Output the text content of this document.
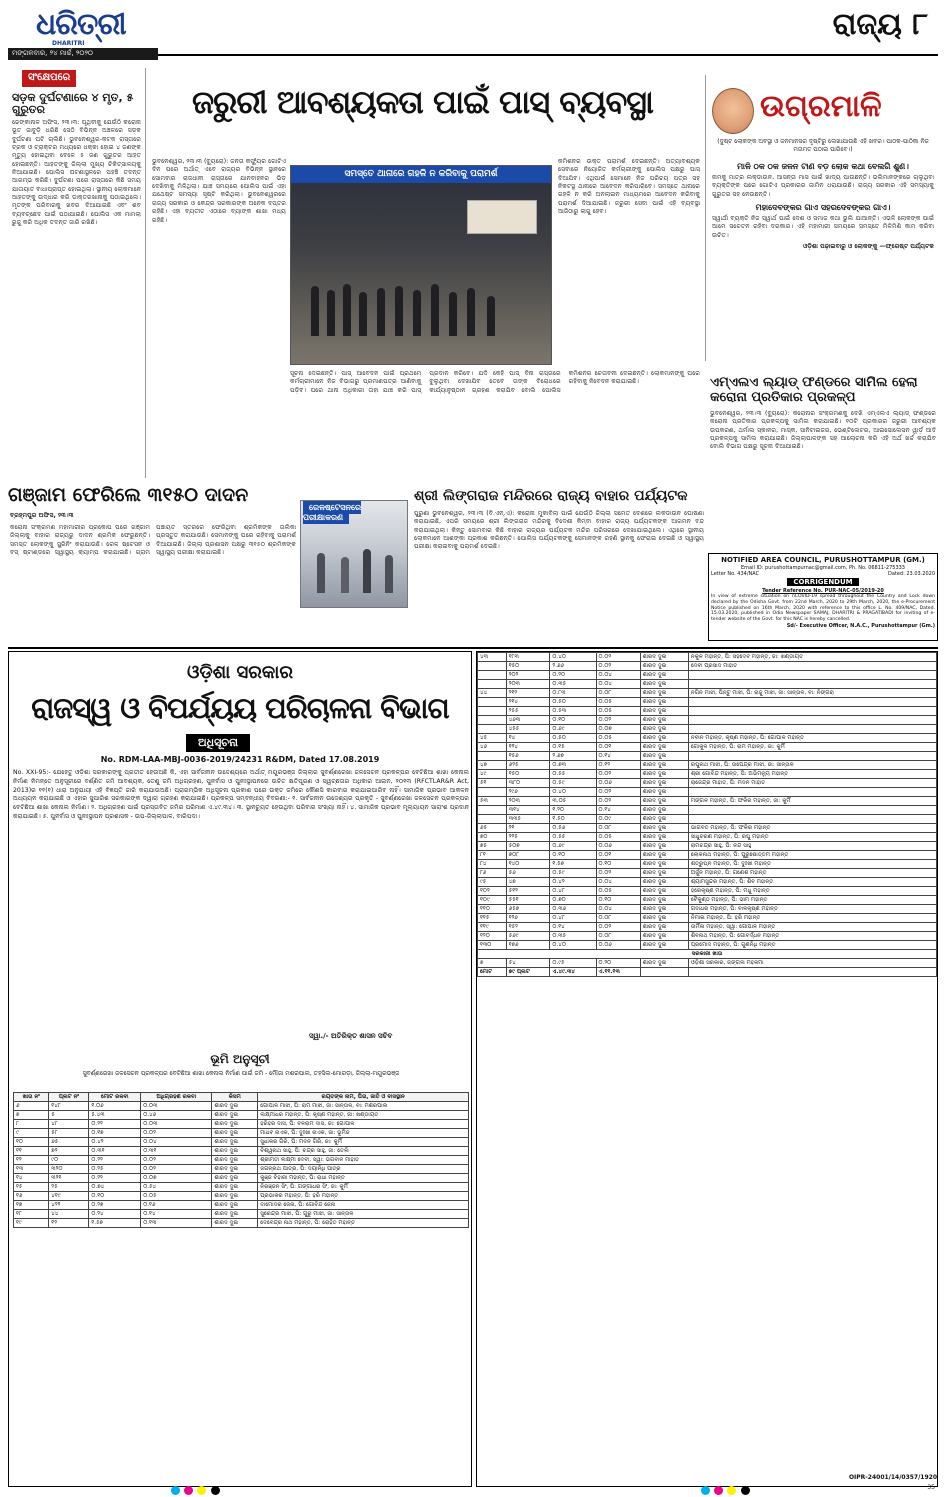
ଧରିତ୍ରୀ
DHARITRI
ମଙ୍ଗଳବାର, ୨୪ ମାର୍ଚ୍ଚ, ୨୦୨୦
ରାଜ୍ୟ ୮
ସଂକ୍ଷେପରେ
ସଡ଼କ ଦୁର୍ଘଟଣାରେ ୪ ମୃତ, ୫ ଗୁରୁତର
ଢେଙ୍କାନାଳ ଅଫିସ, ୨୩।୩: ପୃଥିବୀକୁ ଯେଉଁଠି କରୋନା ଭୂତ ଜାବୁଡ଼ି ଧରିଛି ସେଠି ବିଭିନ୍ନ ଅଞ୍ଚଳରେ ସଡ଼କ ଦୁର୍ଘଟଣା ଘଟି ଚାଲିଛି। ଭୁବନେଶ୍ୱର-କଟକ ରାସ୍ତାରେ ଟ୍ରକ ଓ ଟ୍ରାକ୍ଟର ମଧ୍ୟରେ ଧକ୍କା ହୋଇ ୪ ଜଣଙ୍କ ମୃତ୍ୟୁ ହୋଇଥିବା ବେଳେ ୫ ଜଣ ଗୁରୁତର ଆହତ ହୋଇଛନ୍ତି। ଆହତଙ୍କୁ ଜିଲ୍ଲା ମୁଖ୍ୟ ଚିକିତ୍ସାଳୟକୁ ନିଆଯାଇଛି। ପୋଲିସ ଘଟଣାସ୍ଥଳରେ ପହଞ୍ଚି ତଦନ୍ତ ଆରମ୍ଭ କରିଛି। ଦୁର୍ଘଟଣା ପରେ ରାସ୍ତାରେ କିଛି ସମୟ ଯାତାୟାତ ବାଧାପ୍ରାପ୍ତ ହୋଇଥିଲା। ସ୍ଥାନୀୟ ଲୋକମାନେ ଆହତଙ୍କୁ ଉଦ୍ଧାର କରି ଡାକ୍ତରଖାନାକୁ ପଠାଇଥିଲେ। ମୃତଙ୍କ ପରିବାରକୁ ଖବର ଦିଆଯାଇଛି ଏବଂ ଶବ ବ୍ୟବଚ୍ଛେଦ ପାଇଁ ପଠାଯାଇଛି। ପୋଲିସ ଏକ ମାମଲା ରୁଜୁ କରି ଅଧିକ ତଦନ୍ତ ଜାରି ରଖିଛି।
ଜରୁରୀ ଆବଶ୍ୟକତା ପାଇଁ ପାସ୍ ବ୍ୟବସ୍ଥା
ଭୁବନେଶ୍ୱର, ୨୩।୩ (ବ୍ୟୁରୋ): ଜନତା କର୍ଫ୍ୟୁର ଗୋଟିଏ ଦିନ ପରେ ଅର୍ଥାତ୍ ଏବେ ରାଜ୍ୟର ବିଭିନ୍ନ ସ୍ଥାନରେ ସୋମବାର ରାଜଧାନୀ ରାସ୍ତାରେ ଯାନବାହନର ଭିଡ଼ ଦେଖିବାକୁ ମିଳିଥିଲା। ଯାଞ୍ଚ ସମୟରେ ପୋଲିସ ପାଇଁ ଏହା ଯଥେଷ୍ଟ ସମସ୍ୟା ସୃଷ୍ଟି କରିଥିଲା। ଭୁବନେଶ୍ୱରରେ ରାଜ୍ୟ ସରକାର ଓ କେନ୍ଦ୍ର ସରକାରଙ୍କ ଅନେକ ଦପ୍ତର ରହିଛି। ଏହା ବ୍ୟତୀତ ଏଠାରେ ବ୍ୟାଙ୍କ ଶାଖା ମଧ୍ୟ ରହିଛି।
ସମସ୍ତେ ଥାନାରେ ଗହଳି ନ କରିବାକୁ ପରାମର୍ଶ
କମିଶନର ଉକ୍ତ ପରାମର୍ଶ ଦେଇଛନ୍ତି। ଅତ୍ୟାବଶ୍ୟକ ସେବାରେ ନିୟୋଜିତ କର୍ମଚାରୀଙ୍କୁ ପୋଲିସ ପକ୍ଷରୁ ପାସ୍ ଦିଆଯିବ। ଏଥିପାଇଁ ସେମାନେ ନିଜ ପରିଚୟ ପତ୍ର ସହ ନିକଟସ୍ଥ ଥାନାରେ ଆବେଦନ କରିପାରିବେ। ସମସ୍ତେ ଥାନାରେ ଗହଳି ନ କରି ଅନଲାଇନ ମାଧ୍ୟମରେ ଆବେଦନ କରିବାକୁ ପରାମର୍ଶ ଦିଆଯାଇଛି। ଜରୁରୀ ସେବା ପାଇଁ ଏହି ବ୍ୟବସ୍ଥା ଆଜିଠାରୁ ଲାଗୁ ହେବ।
ସୂଚନା ଦେଇଛନ୍ତି। ପାସ୍ ଆବେଦନ ପାଇଁ ପ୍ରଥମେ କର୍ମଚାରୀମାନେ ନିଜ ବିଭାଗରୁ ପ୍ରମାଣପତ୍ର ଆଣିବାକୁ ପଡ଼ିବ। ପରେ ଥାନା ଅଧିକାରୀ ତାହା ଯାଞ୍ଚ କରି ପାସ୍ ପ୍ରଦାନ କରିବେ। ଯଦି କେହି ପାସ୍ ବିନା ରାସ୍ତାରେ ବୁଲୁଥିବା ଦେଖାଯିବ ତେବେ ତାଙ୍କ ବିରୋଧରେ କାର୍ଯ୍ୟାନୁଷ୍ଠାନ ଗ୍ରହଣ କରାଯିବ ବୋଲି ପୋଲିସ କମିଶନର ଚେତାବନୀ ଦେଇଛନ୍ତି। ଲୋକମାନଙ୍କୁ ଘରେ ରହିବାକୁ ନିବେଦନ କରାଯାଇଛି।
ଉଗ୍ରମାଳି
(ଦୁଷ୍ଟ ଲୋକଙ୍କ ଅବସ୍ଥା ଓ ଜନମାନସର ଦୃଷ୍ଟିରୁ ଲେଖାଯାଉଛି ଏହି ଖବର। ପାଠକ-ପାଠିକା ନିଜ ମତାମତ ପଠାଇ ପାରିବେ।)
ମାଳି ଠକ ଠକ ଜଳନ ଟାଣ ବଡ଼ ଲୋକ କଥା ବେଲଗି ଶୁଣ।
ନାମକୁ ମାତ୍ର ଲକ୍ଡାଉନ, ଆସନ୍ତା ମାସ ପାଇଁ ଖାଦ୍ୟ ପାଉଛନ୍ତି। ଭଲିମାନଙ୍କରେ ଚାଲୁଥିବା ବ୍ୟକ୍ତିଙ୍କ ପରେ ଗୋଟିଏ ପ୍ରକାରର ଜାମିନ ଧରାଯାଉଛି। ରାଜ୍ୟ ସରକାର ଏହି ସମସ୍ୟାକୁ ଗୁରୁତର ସହ ନେଉଛନ୍ତି।
ମହାଦେବଙ୍କର ଗାଏ ସହରଦେବଙ୍କର ଗାଏ।
ସ୍ୱାର୍ଥୀ ବ୍ୟକ୍ତି ନିଜ ସ୍ୱାର୍ଥ ପାଇଁ ଦେଶ ଓ ସମାଜ କଥା ଭୁଲି ଯାଆନ୍ତି। ଏଭଳି ଲୋକଙ୍କ ପାଇଁ ଆମେ ସଚେତନ ରହିବା ଦରକାର। ଏହି ମହାମାରୀ ସମୟରେ ସମସ୍ତେ ମିଳିମିଶି କାମ କରିବା ଉଚିତ।
ଓଡ଼ିଶା ପଢ଼ାଇବାରୁ ଓ ଲୋକଙ୍କୁ —ଫ୍ରେଷ୍ଟ ପର୍ଯ୍ୟଟକ
ଏମ୍ଏଲଏ ଲ୍ୟାଡ୍ ଫଣ୍ଡରେ ସାମିଲ ହେଲା କରୋନା ପ୍ରତିକାର ପ୍ରକଳ୍ପ
ଭୁବନେଶ୍ୱର, ୨୩।୩ (ବ୍ୟୁରୋ): କରୋନାର ସଂକ୍ରମଣକୁ ଦେଖି ଏମ୍ଏଲଏ ଲ୍ୟାଡ୍ ଫଣ୍ଡରେ କରୋନା ପ୍ରତିକାର ପ୍ରକଳ୍ପକୁ ସାମିଲ କରାଯାଇଛି। ୧୦ଟି ପ୍ରକାରର ଜରୁରୀ ଆବଶ୍ୟକ ଉପକରଣ, ଥର୍ମାଲ ସ୍କାନର, ମାସ୍କ, ସାନିଟାଇଜର, ଭେଣ୍ଟିଲେଟର, ଆଇସୋଲେସନ ୱାର୍ଡ଼ ଆଦି ପ୍ରକଳ୍ପକୁ ସାମିଲ କରାଯାଇଛି। ଜିଲ୍ଲାପାଳଙ୍କ ସହ ଆଲୋଚନା କରି ଏହି ଅର୍ଥ ଖର୍ଚ୍ଚ କରାଯିବ ବୋଲି ବିଭାଗ ପକ୍ଷରୁ ସୂଚନା ଦିଆଯାଇଛି।
NOTIFIED AREA COUNCIL, PURUSHOTTAMPUR (GM.)
Email ID: purushottampurnac@gmail.com, Ph. No. 06811-275333
Letter No. 434/NAC	Dated: 23.03.2020
CORRIGENDUM
Tender Reference No. PUR-NAC-05/2019-20
In view of extreme situation on nCOVID-19 spread throughout the Country and Lock down declared by the Odisha Govt. from 22nd March, 2020 to 29th March, 2020, the e-Procurement Notice published on 16th March, 2020 with reference to this office L. No. 409/NAC, Dated. 15.03.2020, published in Odia Newspaper SAMAJ, DHARITRI & PRAGATIBADI for inviting of e-tender website of the Govt. for this NAC is hereby cancelled.
Sd/- Executive Officer, N.A.C., Purushottampur (Gm.)
ଗଞ୍ଜାମ ଫେରିଲେ ୩୧୫୦ ଦାଦନ
ବ୍ରହ୍ମପୁର ଅଫିସ, ୨୩।୩
କରୋନା ସଂକ୍ରମଣ ମହାମାରୀର ପ୍ରକୋପ ପରେ ଗଞ୍ଜାମ ଜିଲ୍ଲାକୁ ବାହାର ରାଜ୍ୟରୁ ଦାଦନ ଶ୍ରମିକ ଫେରୁଛନ୍ତି। ସମସ୍ତ ଲୋକଙ୍କୁ ସ୍କ୍ରିନିଂ କରାଯାଉଛି। ରେଳ ଷ୍ଟେସନ ଓ ବସ୍ ଷ୍ଟାଣ୍ଡରେ ସ୍ୱାସ୍ଥ୍ୟ କ୍ୟାମ୍ପ କରାଯାଇଛି। ଗ୍ରାମ ପଞ୍ଚାୟତ ସ୍ତରରେ ଫେରିଥିବା ଶ୍ରମିକଙ୍କ ତାଲିକା ପ୍ରସ୍ତୁତ କରାଯାଉଛି। ସେମାନଙ୍କୁ ଘରେ ରହିବାକୁ ପରାମର୍ଶ ଦିଆଯାଇଛି। ଜିଲ୍ଲା ପ୍ରଶାସନ ପକ୍ଷରୁ ୩୧୫୦ ଶ୍ରମିକଙ୍କ ସ୍ୱାସ୍ଥ୍ୟ ପରୀକ୍ଷା କରାଯାଇଛି।
ରେଳଷ୍ଟେସନରେ ପରୀକ୍ଷାକରଣ
ଶ୍ରୀ ଲିଙ୍ଗରାଜ ମନ୍ଦିରରେ ରାଜ୍ୟ ବାହାର ପର୍ଯ୍ୟଟକ
ପୁରୁଣା ଭୁବନେଶ୍ୱର, ୨୩।୩ (ବି.ଏନ୍.ଏ): କରୋନା ମୁକାବିଲା ପାଇଁ ଯେଉଁଠି ଜିଲ୍ଲା ସମେତ ଦେଶରେ ଲକଡାଉନ ଘୋଷଣା କରାଯାଇଛି, ଏପରି ସମୟରେ ଶ୍ରୀ ଲିଙ୍ଗରାଜ ମନ୍ଦିରକୁ ବିଦେଶୀ କିମ୍ବା ବାହାର ରାଜ୍ୟ ପର୍ଯ୍ୟଟକଙ୍କ ଆଗମନ ବନ୍ଦ କରାଯାଇଥିଲା। କିନ୍ତୁ ସୋମବାର କିଛି ବାହାର ରାଜ୍ୟର ପର୍ଯ୍ୟଟକ ମନ୍ଦିର ପରିସରରେ ଦେଖାଯାଇଥିଲେ। ଏଥିରେ ସ୍ଥାନୀୟ ଲୋକମାନେ ଆଶଙ୍କା ପ୍ରକାଶ କରିଛନ୍ତି। ପୋଲିସ ପର୍ଯ୍ୟଟକଙ୍କୁ ସେମାନଙ୍କ ରହଣି ସ୍ଥାନକୁ ଫେରାଇ ଦେଇଛି ଓ ସ୍ୱାସ୍ଥ୍ୟ ପରୀକ୍ଷା କରାଇବାକୁ ପରାମର୍ଶ ଦେଇଛି।
ଓଡ଼ିଶା ସରକାର
ରାଜସ୍ୱ ଓ ବିପର୍ଯ୍ୟୟ ପରିଚାଳନା ବିଭାଗ
ଅଧିସୂଚନା
No. RDM-LAA-MBJ-0036-2019/24231 R&DM, Dated 17.08.2019
No. XXI-95:- ଯେହେତୁ ଓଡ଼ିଶା ସରକାରଙ୍କୁ ପ୍ରତୀତ ହେଉଅଛି କି, ଏହା ସାର୍ବଜନୀନ ଉଦ୍ଦେଶ୍ୟରେ ଅର୍ଥାତ୍ ମୟୂରଭଞ୍ଜ ଜିଲ୍ଲାର ସୁବର୍ଣ୍ଣରେଖା ଜଳସେଚନ ପ୍ରକଳ୍ପର ବେଟିଛିଆ ଶାଖା କେନାଲ ନିର୍ମାଣ ନିମନ୍ତେ ଅନୁସୂଚୀରେ ବର୍ଣ୍ଣିତ ଜମି ଆବଶ୍ୟକ, ତେଣୁ ଜମି ଅଧିଗ୍ରହଣ, ପୁନର୍ବାସ ଓ ପୁନଃସ୍ଥାପନରେ ଉଚିତ କ୍ଷତିପୂରଣ ଓ ସ୍ୱଚ୍ଛତାର ଅଧିକାର ଆଇନ, ୨୦୧୩ (RFCTLAR&R Act, 2013)ର ୧୧(୧) ଧାରା ଅନୁଯାୟୀ ଏହି ବିଜ୍ଞପ୍ତି ଜାରି କରାଯାଉଅଛି। ପ୍ରାରମ୍ଭିକ ଅଧିସୂଚନା ପ୍ରକାଶ ପରେ ଉକ୍ତ ଜମିରେ କୌଣସି କାରବାର କରାଯାଇପାରିବ ନାହିଁ। ସାମାଜିକ ପ୍ରଭାବ ଆକଳନ ଅଧ୍ୟୟନ କରାଯାଇଛି ଓ ଏହାର ସୁପାରିଶ ସରକାରଙ୍କ ଦ୍ୱାରା ଗ୍ରହଣ କରାଯାଇଛି। ପ୍ରକଳ୍ପ ସମ୍ବନ୍ଧୀୟ ବିବରଣୀ:- ୧. ସାର୍ବଜନୀନ ଉଦ୍ଦେଶ୍ୟର ପ୍ରକୃତି - ସୁବର୍ଣ୍ଣରେଖା ଜଳସେଚନ ପ୍ରକଳ୍ପର ବେଟିଛିଆ ଶାଖା କେନାଲ ନିର୍ମାଣ। ୨. ଅଧିଗ୍ରହଣ ପାଇଁ ପ୍ରସ୍ତାବିତ ଜମିର ପରିମାଣ ଏ.୪୯.୩୪। ୩. ସ୍ଥାନଚ୍ୟୁତ ହେଉଥିବା ପରିବାର ସଂଖ୍ୟା ନାହିଁ। ୪. ସାମାଜିକ ପ୍ରଭାବ ମୂଲ୍ୟାୟନ ସାରାଂଶ ପ୍ରଦାନ କରାଯାଇଛି। ୫. ପୁନର୍ବାସ ଓ ପୁନଃସ୍ଥାପନ ପ୍ରଶାସକ - ଉପ-ଜିଲ୍ଲାପାଳ, ବାରିପଦା।
ସ୍ୱା./- ଅତିରିକ୍ତ ଶାସନ ସଚିବ
ଭୂମି ଅନୁସୂଚୀ
ସୁବର୍ଣ୍ଣରେଖା ଜଳସେଚନ ପ୍ରକଳ୍ପର ବେଟିଛିଆ ଶାଖା କେନାଲ ନିର୍ମାଣ ପାଇଁ ଜମି - ମୌଜା ମଶରପାଲ, ତହସିଲ-ମୋରଡ଼ା, ଜିଲ୍ଲା-ମୟୂରଭଞ୍ଜ
ଖାତା ନଂ	ପ୍ଲଟ ନଂ	ମୋଟ ରକବା	ଅଧିଗ୍ରହଣ ରକବା	କିସମ	ରୟତଙ୍କ ନାମ, ପିତା, ଜାତି ଓ ବାସସ୍ଥାନ
୬	୧୪୮	୧.୦୬	୦.୦୩	ଶାରଦ ଦୁଇ	ଗୋପାଳ ମାଝୀ, ପି: ରାମ ମାଝୀ, ଜା: ସାନ୍ତାଳ, ବା: ମଶରପାଲ
୭	୫	୫.୪୩	୦.୪୬	ଶାରଦ ଦୁଇ	ଲକ୍ଷ୍ମୀଧର ମହାନ୍ତ, ପି: କୃଷ୍ଣ ମହାନ୍ତ, ଜା: ଖଣ୍ଡାୟତ
୮	୪୮	୦.୨୨	୦.୦୩	ଶାରଦ ଦୁଇ	ହରିହର ଦାସ, ପି: ବଳରାମ ଦାସ, ଜା: ଗୋପାଳ
୯	୫୮	୦.୧୭	୦.୦୨	ଶାରଦ ଦୁଇ	ମାଧବ ନାଏକ, ପି: ଦୁଃଖୀ ନାଏକ, ଜା: ଭୂମିଜ
୧୦	୬୫	୦.୪୨	୦.୦୪	ଶାରଦ ଦୁଇ	ସୁଧାକର ଗିରି, ପି: ମଦନ ଗିରି, ଜା: କୁର୍ମି
୧୧	୭୨	୦.୩୧	୦.୩୧	ଶାରଦ ଦୁଇ	ବିଶ୍ୱନାଥ ସାହୁ, ପି: ଚନ୍ଦ୍ର ସାହୁ, ଜା: ତେଲି
୧୨	୯୦	୦.୨୨	୦.୦୨	ଶାରଦ ଦୁଇ	ଶ୍ରୀମତୀ ଲକ୍ଷ୍ମୀ ଦେବୀ, ସ୍ୱା: ଭଗବାନ ମାହାତ
୧୩	୩୨୦	୦.୨୫	୦.୦୨	ଶାରଦ ଦୁଇ	ଜଗନ୍ନାଥ ପାତ୍ର, ପି: ଦୟାନିଧି ପାତ୍ର
୧୪	୩୨୧	୦.୨୨	୦.୦୭	ଶାରଦ ଦୁଇ	କୁଞ୍ଜ ବିହାରୀ ମହାନ୍ତ, ପି: ରାଧା ମହାନ୍ତ
୧୫	୨୫	୦.୭୪	୦.୫୪	ଶାରଦ ଦୁଇ	ନିରଞ୍ଜନ ସିଂ, ପି: ଗଙ୍ଗାଧର ସିଂ, ଜା: କୁର୍ମି
୧୬	୪୧୯	୦.୧୦	୦.୦୫	ଶାରଦ ଦୁଇ	ପ୍ରଭାକର ମହାନ୍ତ, ପି: ହରି ମହାନ୍ତ
୧୭	୪୨୨	୦.୨୭	୦.୧୬	ଶାରଦ ଦୁଇ	ଦାମୋଦର ଜେନା, ପି: ଗୋବିନ୍ଦ ଜେନା
୧୮	୪୪	୦.୨୪	୦.୧୪	ଶାରଦ ଦୁଇ	ସୁରେନ୍ଦ୍ର ମାଝୀ, ପି: ଗୁରୁ ମାଝୀ, ଜା: ସାନ୍ତାଳ
୧୯	୧୨	୧.୫୭	୦.୧୩	ଶାରଦ ଦୁଇ	ଦେବେନ୍ଦ୍ର ନାଥ ମହାନ୍ତ, ପି: ରୋହିତ ମହାନ୍ତ
୪୩	୧୮୩	୦.୪୦	୦.୦୨	ଶାରଦ ଦୁଇ	ନକୁଳ ମହାନ୍ତ, ପି: ସହଦେବ ମହାନ୍ତ, ଜା: ଖଣ୍ଡାୟତ
	୧୫୦	୨.୬୬	୦.୦୨	ଶାରଦ ଦୁଇ	ଦେବୀ ପ୍ରସାଦ ମାହାତ
	୨୦୨	୦.୨୦	୦.୦୪	ଶାରଦ ଦୁଇ	
	୨୦୩	୦.୩୫	୦.୦୪	ଶାରଦ ଦୁଇ	
୪୪	୨୧୨	୦.୮୩	୦.୦୮	ଶାରଦ ଦୁଇ	ନଗିନ ମାଝୀ, ପିନ୍ଟୁ ମାଝୀ, ପି: ରାଜୁ ମାଝୀ, ଜା: ସାନ୍ତାଳ, ବା: ନିଙ୍ଗରା
	୨୧୪	୦.୫୦	୦.୦୫	ଶାରଦ ଦୁଇ	
	୨୫୫	୦.୫୩	୦.୦୫	ଶାରଦ ଦୁଇ	
	୪୬୩	୦.୧୦	୦.୦୨	ଶାରଦ ଦୁଇ	
	୪୫୫	୦.୬୯	୦.୦୭	ଶାରଦ ଦୁଇ	
୪୫	୧୪	୦.୫୦	୦.୦୫	ଶାରଦ ଦୁଇ	ନବୀନ ମହାନ୍ତ, କୃଷ୍ଣ ମହାନ୍ତ, ପି: ଗୋପାଳ ମହାନ୍ତ
୪୬	୧୨୪	୦.୧୫	୦.୦୧	ଶାରଦ ଦୁଇ	ଗୋକୁଳ ମହାନ୍ତ, ପି: ରାମ ମହାନ୍ତ, ଜା: କୁର୍ମି
	୧୫୬	୨.୬୭	୦.୧୪	ଶାରଦ ଦୁଇ	
୪୭	୬୨୫	୦.୭୩	୦.୧୨	ଶାରଦ ଦୁଇ	ରଘୁନାଥ ମାଝୀ, ପି: ଉପେନ୍ଦ୍ର ମାଝୀ, ଜା: ସାନ୍ତାଳ
୪୯	୧୫୦	୦.୫୫	୦.୦୨	ଶାରଦ ଦୁଇ	ଶ୍ରୀ ଗୋବିନ୍ଦ ମହାନ୍ତ, ପି: ଅଭିମନ୍ୟୁ ମହାନ୍ତ
୫୧	୩୮୦	୦.୫୯	୦.୦୬	ଶାରଦ ଦୁଇ	ରାଜେନ୍ଦ୍ର ମାହାତ, ପି: ମଦନ ମାହାତ
	୨୯୬	୦.୪୦	୦.୦୨	ଶାରଦ ଦୁଇ	
୫୩	୨୦୩	୩.୦୫	୦.୦୨	ଶାରଦ ଦୁଇ	ମଙ୍ଗଳ ମହାନ୍ତ, ପି: ଫକିର ମହାନ୍ତ, ଜା: କୁର୍ମି
	୩୧୪	୧.୨୦	୦.୧୪	ଶାରଦ ଦୁଇ	
	୩୩୫	୧.୫୦	୦.୦୯	ଶାରଦ ଦୁଇ	
୬୫	୨୧	୦.୫୬	୦.୦୮	ଶାରଦ ଦୁଇ	ଭାଗବତ ମହାନ୍ତ, ପି: ଫକିର ମହାନ୍ତ
୭୦	୨୨୫	୦.୫୫	୦.୦୫	ଶାରଦ ଦୁଇ	ସାଧୁଚରଣ ମହାନ୍ତ, ପି: ରଘୁ ମହାନ୍ତ
୭୫	୫୦୭	୦.୬୯	୦.୦୬	ଶାରଦ ଦୁଇ	ରାମଚନ୍ଦ୍ର ସାହୁ, ପି: ନନ୍ଦ ସାହୁ
୮୧	୭୦୮	୦.୧୦	୦.୦୧	ଶାରଦ ଦୁଇ	ଲୋକନାଥ ମହାନ୍ତ, ପି: ପୁରୁଷୋତ୍ତମ ମହାନ୍ତ
୮୪	୧୪୦	୧.୫୭	୦.୧୦	ଶାରଦ ଦୁଇ	ଶତ୍ରୁଘ୍ନ ମହାନ୍ତ, ପି: ଦୁଃଖୀ ମହାନ୍ତ
୮୬	୫୬	୦.୫୯	୦.୦୨	ଶାରଦ ଦୁଇ	ଅର୍ଜୁନ ମହାନ୍ତ, ପି: ଗଣେଶ ମହାନ୍ତ
୯୫	୪୭	୦.୪୨	୦.୦୪	ଶାରଦ ଦୁଇ	ଶ୍ୟାମସୁନ୍ଦର ମହାନ୍ତ, ପି: ଶିବ ମହାନ୍ତ
୧୦୨	୫୧୨	୦.୪୮	୦.୦୫	ଶାରଦ ଦୁଇ	ହରେକୃଷ୍ଣ ମହାନ୍ତ, ପି: ମଧୁ ମହାନ୍ତ
୧୦୯	୫୫୧	୦.୭୦	୦.୧୦	ଶାରଦ ଦୁଇ	ବୈକୁଣ୍ଠ ମହାନ୍ତ, ପି: ଭୀମ ମହାନ୍ତ
୧୧୦	୬୫୭	୦.୩୬	୦.୦୪	ଶାରଦ ଦୁଇ	ଗଦାଧର ମହାନ୍ତ, ପି: ବାଳକୃଷ୍ଣ ମହାନ୍ତ
୧୧୫	୧୨୬	୦.୪୮	୦.୦୮	ଶାରଦ ଦୁଇ	ନିମାଇ ମହାନ୍ତ, ପି: ହରି ମହାନ୍ତ
୧୧୯	୧୫୨	୦.୧୪	୦.୦୨	ଶାରଦ ଦୁଇ	ଉର୍ମିଳା ମହାନ୍ତ, ସ୍ୱା: ଗୋପାଳ ମହାନ୍ତ
୧୨୦	୫୬୯	୦.୩୫	୦.୦୮	ଶାରଦ ଦୁଇ	ଶିବନାଥ ମହାନ୍ତ, ପି: ଗୋବର୍ଦ୍ଧନ ମହାନ୍ତ
୧୩୦	୧୭୬	୦.୪୦	୦.୦୬	ଶାରଦ ଦୁଇ	ପ୍ରମୋଦ ମହାନ୍ତ, ପି: ଗୁଣନିଧି ମହାନ୍ତ
ସରକାରୀ ଖାତା					
୭	୫୪	୦.୯୫	୦.୨୦	ଶାରଦ ଦୁଇ	ଓଡ଼ିଶା ସରକାର, ଜଙ୍ଗଲ ମହକମା
ମୋଟ	୭୯ ପ୍ଲଟ	ଏ.୪୯.୩୪	ଏ.୧୧.୧୩		
OIPR-24001/14/0357/1920

35
